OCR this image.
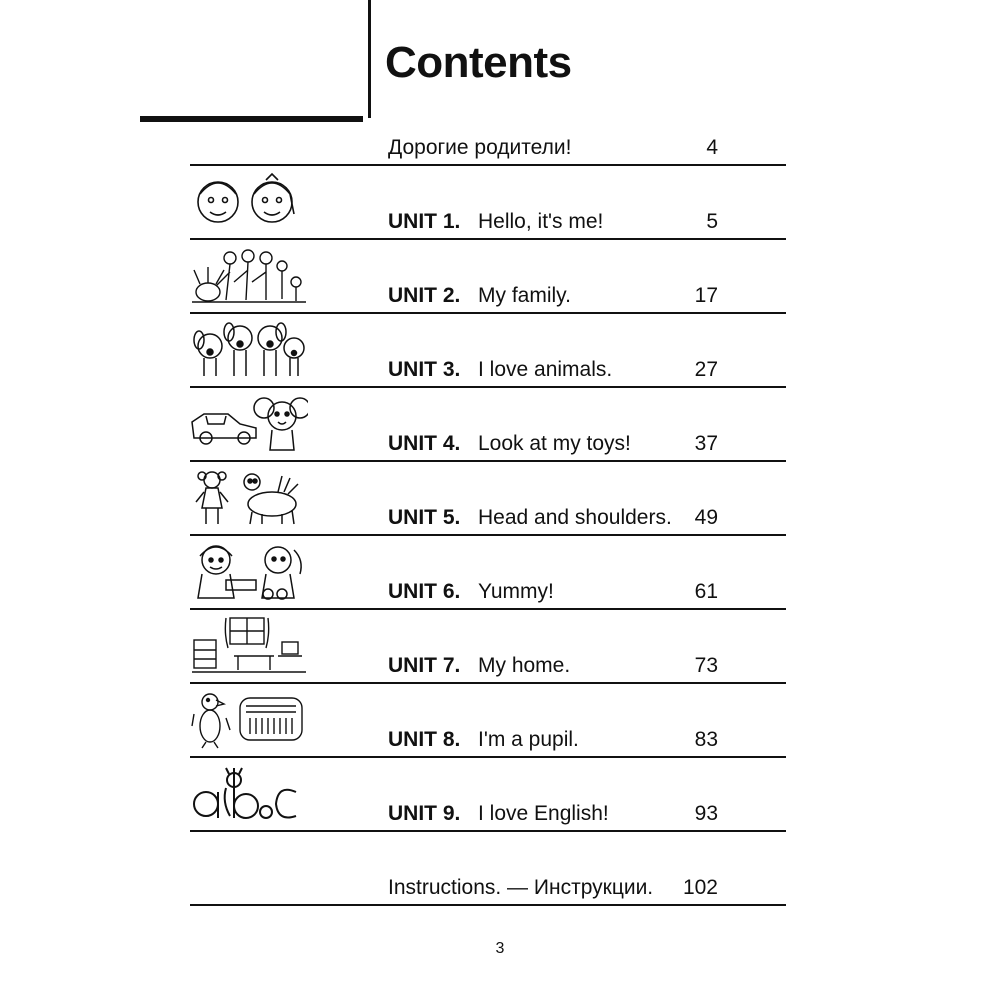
Contents
Дорогие родители!	4
UNIT 1. Hello, it's me!	5
UNIT 2. My family.	17
UNIT 3. I love animals.	27
UNIT 4. Look at my toys!	37
UNIT 5. Head and shoulders. 49
UNIT 6. Yummy!	61
UNIT 7. My home.	73
UNIT 8. I'm a pupil.	83
UNIT 9. I love English!	93
Instructions. — Инструкции. 102
3
